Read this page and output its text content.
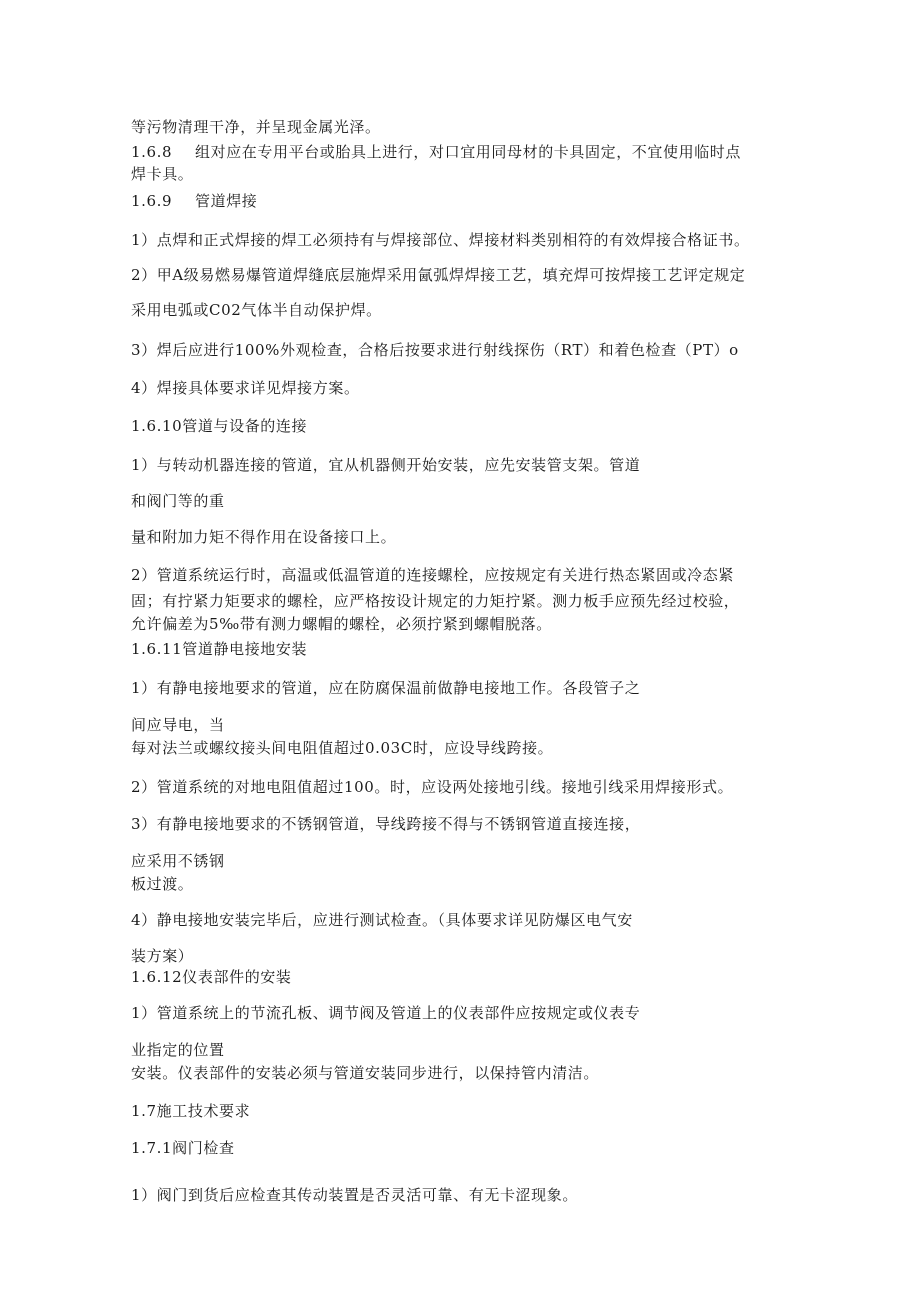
等污物清理干净，并呈现金属光泽。
1.6.8 组对应在专用平台或胎具上进行，对口宜用同母材的卡具固定，不宜使用临时点
焊卡具。
1.6.9 管道焊接
1）点焊和正式焊接的焊工必须持有与焊接部位、焊接材料类别相符的有效焊接合格证书。
2）甲A级易燃易爆管道焊缝底层施焊采用氤弧焊焊接工艺，填充焊可按焊接工艺评定规定
采用电弧或C02气体半自动保护焊。
3）焊后应进行100%外观检查，合格后按要求进行射线探伤（RT）和着色检查（PT）o
4）焊接具体要求详见焊接方案。
1.6.10管道与设备的连接
1）与转动机器连接的管道，宜从机器侧开始安装，应先安装管支架。管道
和阀门等的重
量和附加力矩不得作用在设备接口上。
2）管道系统运行时，高温或低温管道的连接螺栓，应按规定有关进行热态紧固或冷态紧
固；有拧紧力矩要求的螺栓，应严格按设计规定的力矩拧紧。测力板手应预先经过校验，
允许偏差为5‰带有测力螺帽的螺栓，必须拧紧到螺帽脱落。
1.6.11管道静电接地安装
1）有静电接地要求的管道，应在防腐保温前做静电接地工作。各段管子之
间应导电，当
每对法兰或螺纹接头间电阻值超过0.03C时，应设导线跨接。
2）管道系统的对地电阻值超过100。时，应设两处接地引线。接地引线采用焊接形式。
3）有静电接地要求的不锈钢管道，导线跨接不得与不锈钢管道直接连接，
应采用不锈钢
板过渡。
4）静电接地安装完毕后，应进行测试检查。（具体要求详见防爆区电气安
装方案）
1.6.12仪表部件的安装
1）管道系统上的节流孔板、调节阀及管道上的仪表部件应按规定或仪表专
业指定的位置
安装。仪表部件的安装必须与管道安装同步进行，以保持管内清洁。
1.7施工技术要求
1.7.1阀门检查
1）阀门到货后应检查其传动装置是否灵活可靠、有无卡涩现象。
